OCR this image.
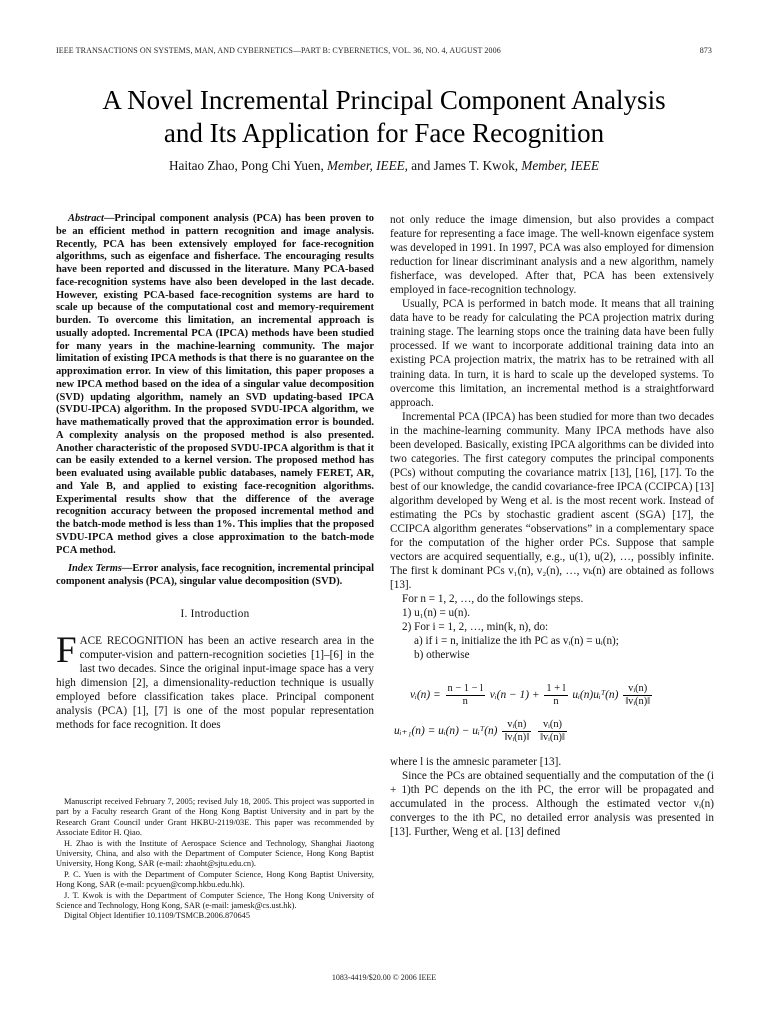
IEEE TRANSACTIONS ON SYSTEMS, MAN, AND CYBERNETICS—PART B: CYBERNETICS, VOL. 36, NO. 4, AUGUST 2006	873
A Novel Incremental Principal Component Analysis
and Its Application for Face Recognition
Haitao Zhao, Pong Chi Yuen, Member, IEEE, and James T. Kwok, Member, IEEE
Abstract—Principal component analysis (PCA) has been proven to be an efficient method in pattern recognition and image analysis. Recently, PCA has been extensively employed for face-recognition algorithms, such as eigenface and fisherface. The encouraging results have been reported and discussed in the literature. Many PCA-based face-recognition systems have also been developed in the last decade. However, existing PCA-based face-recognition systems are hard to scale up because of the computational cost and memory-requirement burden. To overcome this limitation, an incremental approach is usually adopted. Incremental PCA (IPCA) methods have been studied for many years in the machine-learning community. The major limitation of existing IPCA methods is that there is no guarantee on the approximation error. In view of this limitation, this paper proposes a new IPCA method based on the idea of a singular value decomposition (SVD) updating algorithm, namely an SVD updating-based IPCA (SVDU-IPCA) algorithm. In the proposed SVDU-IPCA algorithm, we have mathematically proved that the approximation error is bounded. A complexity analysis on the proposed method is also presented. Another characteristic of the proposed SVDU-IPCA algorithm is that it can be easily extended to a kernel version. The proposed method has been evaluated using available public databases, namely FERET, AR, and Yale B, and applied to existing face-recognition algorithms. Experimental results show that the difference of the average recognition accuracy between the proposed incremental method and the batch-mode method is less than 1%. This implies that the proposed SVDU-IPCA method gives a close approximation to the batch-mode PCA method.
Index Terms—Error analysis, face recognition, incremental principal component analysis (PCA), singular value decomposition (SVD).
I. Introduction
FACE RECOGNITION has been an active research area in the computer-vision and pattern-recognition societies [1]–[6] in the last two decades. Since the original input-image space has a very high dimension [2], a dimensionality-reduction technique is usually employed before classification takes place. Principal component analysis (PCA) [1], [7] is one of the most popular representation methods for face recognition. It does

Manuscript received February 7, 2005; revised July 18, 2005. This project was supported in part by a Faculty research Grant of the Hong Kong Baptist University and in part by the Research Grant Council under Grant HKBU-2119/03E. This paper was recommended by Associate Editor H. Qiao.

H. Zhao is with the Institute of Aerospace Science and Technology, Shanghai Jiaotong University, China, and also with the Department of Computer Science, Hong Kong Baptist University, Hong Kong, SAR (e-mail: zhaoht@sjtu.edu.cn).

P. C. Yuen is with the Department of Computer Science, Hong Kong Baptist University, Hong Kong, SAR (e-mail: pcyuen@comp.hkbu.edu.hk).

J. T. Kwok is with the Department of Computer Science, The Hong Kong University of Science and Technology, Hong Kong, SAR (e-mail: jamesk@cs.ust.hk).

Digital Object Identifier 10.1109/TSMCB.2006.870645

not only reduce the image dimension, but also provides a compact feature for representing a face image. The well-known eigenface system was developed in 1991. In 1997, PCA was also employed for dimension reduction for linear discriminant analysis and a new algorithm, namely fisherface, was developed. After that, PCA has been extensively employed in face-recognition technology.
Usually, PCA is performed in batch mode. It means that all training data have to be ready for calculating the PCA projection matrix during training stage. The learning stops once the training data have been fully processed. If we want to incorporate additional training data into an existing PCA projection matrix, the matrix has to be retrained with all training data. In turn, it is hard to scale up the developed systems. To overcome this limitation, an incremental method is a straightforward approach.
Incremental PCA (IPCA) has been studied for more than two decades in the machine-learning community. Many IPCA methods have also been developed. Basically, existing IPCA algorithms can be divided into two categories. The first category computes the principal components (PCs) without computing the covariance matrix [13], [16], [17]. To the best of our knowledge, the candid covariance-free IPCA (CCIPCA) [13] algorithm developed by Weng et al. is the most recent work. Instead of estimating the PCs by stochastic gradient ascent (SGA) [17], the CCIPCA algorithm generates “observations” in a complementary space for the computation of the higher order PCs. Suppose that sample vectors are acquired sequentially, e.g., u(1), u(2), …, possibly infinite. The first k dominant PCs v₁(n), v₂(n), …, vₖ(n) are obtained as follows [13].
For n = 1, 2, …, do the followings steps.
1) u₁(n) = u(n).
2) For i = 1, 2, …, min(k, n), do:
a) if i = n, initialize the ith PC as vᵢ(n) = uᵢ(n);
b) otherwise
vᵢ(n) = $\frac{n - 1 - l}{n}$ vᵢ(n − $1) + \frac{1 + l}{n}$ uᵢ(n)uᵢᵀ(n) $\frac{\text{vᵢ(n)}}{\text{‖vᵢ(n)‖}}$
uᵢ₊₁(n) = uᵢ(n) − uᵢᵀ(n) $\frac{\text{vᵢ(n)}}{\text{‖vᵢ(n)‖}}$
$\frac{\text{vᵢ(n)}}{\text{‖vᵢ(n)‖}}$
where l is the amnesic parameter [13].
Since the PCs are obtained sequentially and the computation of the (i + 1)th PC depends on the ith PC, the error will be propagated and accumulated in the process. Although the estimated vector vᵢ(n) converges to the ith PC, no detailed error analysis was presented in [13]. Further, Weng et al. [13] defined
1083-4419/$20.00 © 2006 IEEE
